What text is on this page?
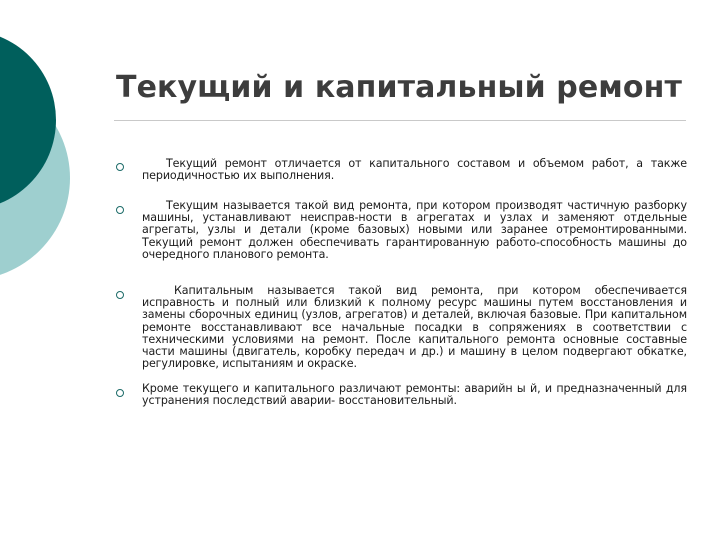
Текущий и капитальный ремонт
Текущий ремонт отличается от капитального составом и объемом работ, а также периодичностью их выполнения.
Текущим называется такой вид ремонта, при котором производят частичную разборку машины, устанавливают неисправ-ности в агрегатах и узлах и заменяют отдельные агрегаты, узлы и детали (кроме базовых) новыми или заранее отремонтированными. Текущий ремонт должен обеспечивать гарантированную работо-способность машины до очередного планового ремонта.
Капитальным называется такой вид ремонта, при котором обеспечивается исправность и полный или близкий к полному ресурс машины путем восстановления и замены сборочных единиц (узлов, агрегатов) и деталей, включая базовые. При капитальном ремонте восстанавливают все начальные посадки в сопряжениях в соответствии с техническими условиями на ремонт. После капитального ремонта основные составные части машины (двигатель, коробку передач и др.) и машину в целом подвергают обкатке, регулировке, испытаниям и окраске.
Кроме текущего и капитального различают ремонты: аварийн ы й, и предназначенный для устранения последствий аварии- восстановительный.
